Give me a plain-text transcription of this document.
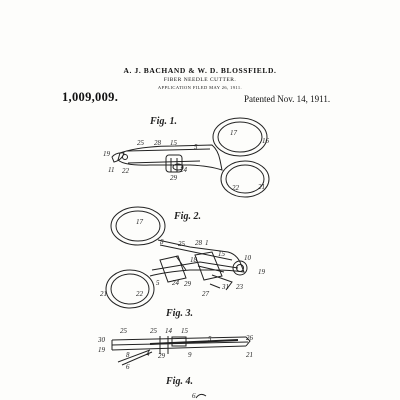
A. J. BACHAND & W. D. BLOSSFIELD.
FIBER NEEDLE CUTTER.
APPLICATION FILED MAY 26, 1911.
1,009,009.	Patented Nov. 14, 1911.
Fig. 1.
Fig. 2.
Fig. 3.
Fig. 4.
17
25 28 15 5
16
19
11 22	24
29
21
22
17
8 25 28 1
15	10
19
18
21	22
5 24 29
27
31 23
25	25 14 15
5	26
30
19
8	29	9	21
6
4
6
